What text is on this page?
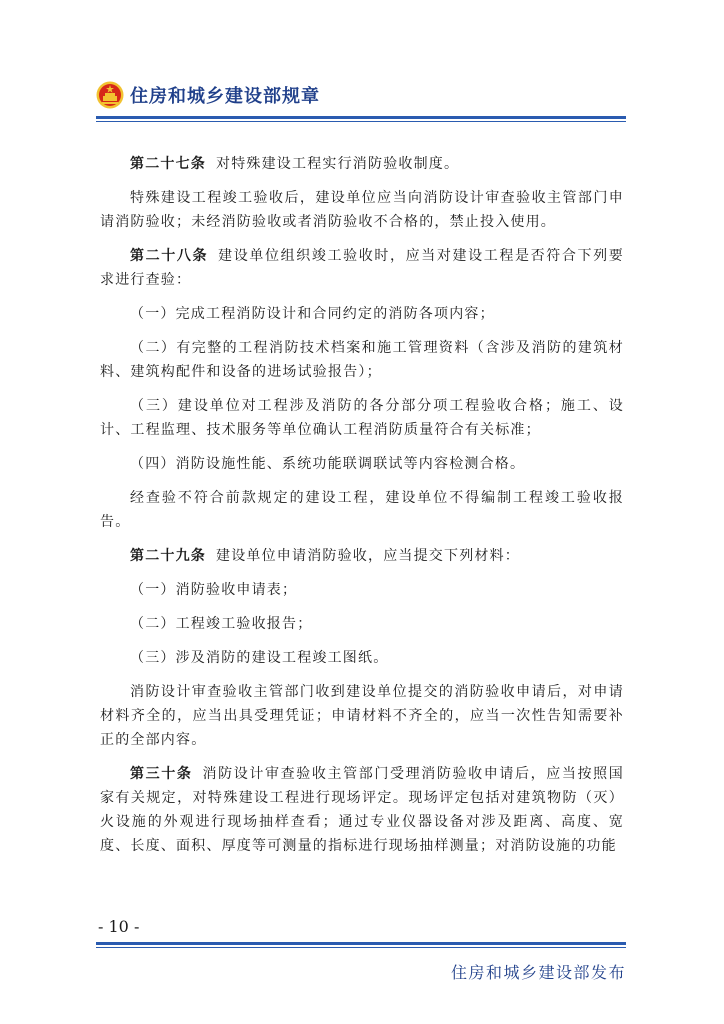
住房和城乡建设部规章

第二十七条 对特殊建设工程实行消防验收制度。

特殊建设工程竣工验收后，建设单位应当向消防设计审查验收主管部门申请消防验收；未经消防验收或者消防验收不合格的，禁止投入使用。

第二十八条 建设单位组织竣工验收时，应当对建设工程是否符合下列要求进行查验：

（一）完成工程消防设计和合同约定的消防各项内容；

（二）有完整的工程消防技术档案和施工管理资料（含涉及消防的建筑材料、建筑构配件和设备的进场试验报告）；

（三）建设单位对工程涉及消防的各分部分项工程验收合格；施工、设计、工程监理、技术服务等单位确认工程消防质量符合有关标准；

（四）消防设施性能、系统功能联调联试等内容检测合格。

经查验不符合前款规定的建设工程，建设单位不得编制工程竣工验收报告。

第二十九条 建设单位申请消防验收，应当提交下列材料：

（一）消防验收申请表；

（二）工程竣工验收报告；

（三）涉及消防的建设工程竣工图纸。

消防设计审查验收主管部门收到建设单位提交的消防验收申请后，对申请材料齐全的，应当出具受理凭证；申请材料不齐全的，应当一次性告知需要补正的全部内容。

第三十条 消防设计审查验收主管部门受理消防验收申请后，应当按照国家有关规定，对特殊建设工程进行现场评定。现场评定包括对建筑物防（灭）火设施的外观进行现场抽样查看；通过专业仪器设备对涉及距离、高度、宽度、长度、面积、厚度等可测量的指标进行现场抽样测量；对消防设施的功能

- 10 -
住房和城乡建设部发布
